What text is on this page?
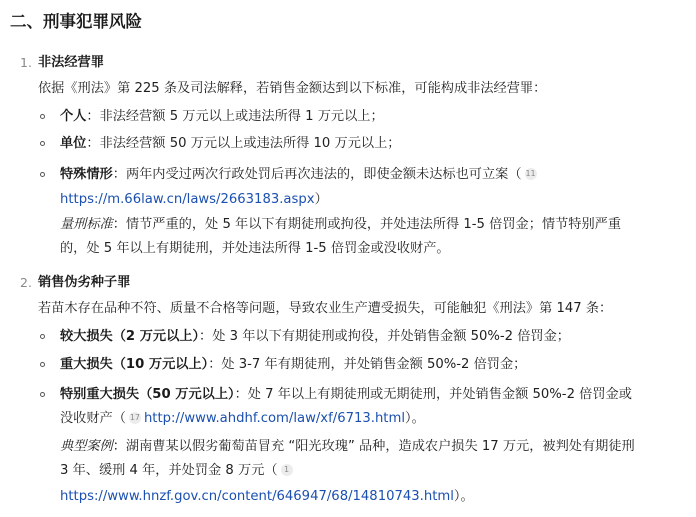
二、刑事犯罪风险
1. 非法经营罪
依据《刑法》第 225 条及司法解释，若销售金额达到以下标准，可能构成非法经营罪：
个人：非法经营额 5 万元以上或违法所得 1 万元以上；
单位：非法经营额 50 万元以上或违法所得 10 万元以上；
特殊情形：两年内受过两次行政处罚后再次违法的，即使金额未达标也可立案（ 11
https://m.66law.cn/laws/2663183.aspx）
量刑标准：情节严重的，处 5 年以下有期徒刑或拘役，并处违法所得 1-5 倍罚金；情节特别严重
的，处 5 年以上有期徒刑，并处违法所得 1-5 倍罚金或没收财产。
2. 销售伪劣种子罪
若苗木存在品种不符、质量不合格等问题，导致农业生产遭受损失，可能触犯《刑法》第 147 条：
较大损失（2 万元以上）：处 3 年以下有期徒刑或拘役，并处销售金额 50%-2 倍罚金；
重大损失（10 万元以上）：处 3-7 年有期徒刑，并处销售金额 50%-2 倍罚金；
特别重大损失（50 万元以上）：处 7 年以上有期徒刑或无期徒刑，并处销售金额 50%-2 倍罚金或
没收财产（ 17 http://www.ahdhf.com/law/xf/6713.html）。
典型案例：湖南曹某以假劣葡萄苗冒充 “阳光玫瑰” 品种，造成农户损失 17 万元，被判处有期徒刑
3 年、缓刑 4 年，并处罚金 8 万元（ 1
https://www.hnzf.gov.cn/content/646947/68/14810743.html）。
